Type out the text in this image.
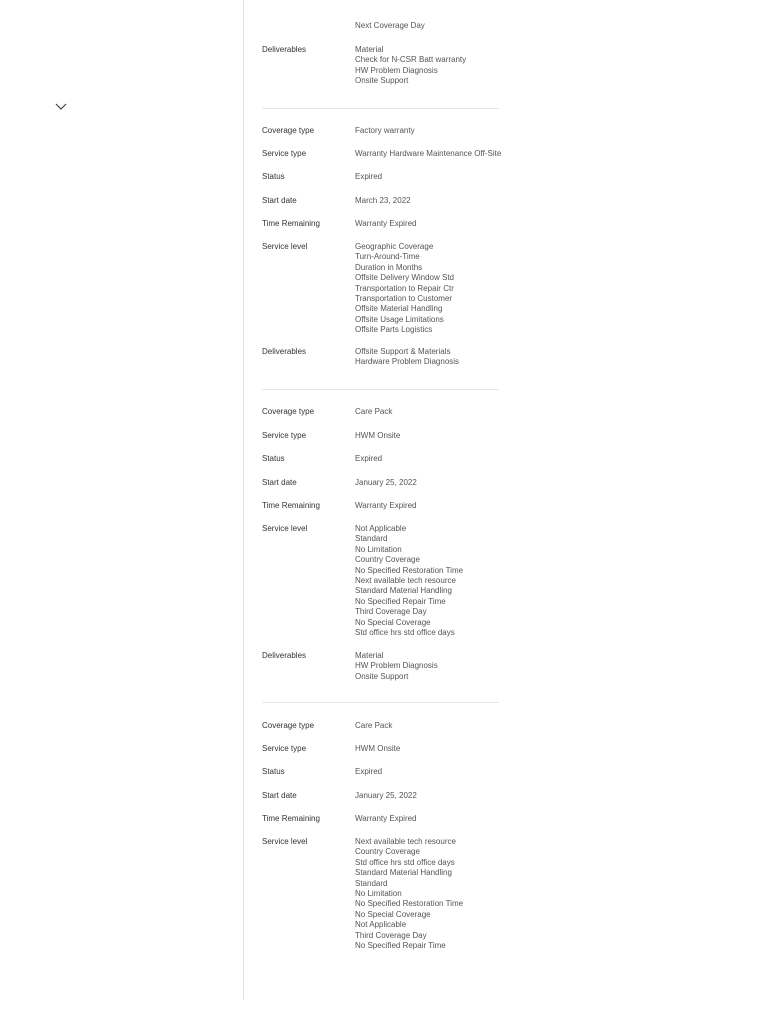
Next Coverage Day
Deliverables	Material
Check for N-CSR Batt warranty
HW Problem Diagnosis
Onsite Support
Coverage type	Factory warranty
Service type	Warranty Hardware Maintenance Off-Site
Status	Expired
Start date	March 23, 2022
Time Remaining	Warranty Expired
Service level	Geographic Coverage
Turn-Around-Time
Duration in Months
Offsite Delivery Window Std
Transportation to Repair Ctr
Transportation to Customer
Offsite Material Handling
Offsite Usage Limitations
Offsite Parts Logistics
Deliverables	Offsite Support & Materials
Hardware Problem Diagnosis
Coverage type	Care Pack
Service type	HWM Onsite
Status	Expired
Start date	January 25, 2022
Time Remaining	Warranty Expired
Service level	Not Applicable
Standard
No Limitation
Country Coverage
No Specified Restoration Time
Next available tech resource
Standard Material Handling
No Specified Repair Time
Third Coverage Day
No Special Coverage
Std office hrs std office days
Deliverables	Material
HW Problem Diagnosis
Onsite Support
Coverage type	Care Pack
Service type	HWM Onsite
Status	Expired
Start date	January 25, 2022
Time Remaining	Warranty Expired
Service level	Next available tech resource
Country Coverage
Std office hrs std office days
Standard Material Handling
Standard
No Limitation
No Specified Restoration Time
No Special Coverage
Not Applicable
Third Coverage Day
No Specified Repair Time
